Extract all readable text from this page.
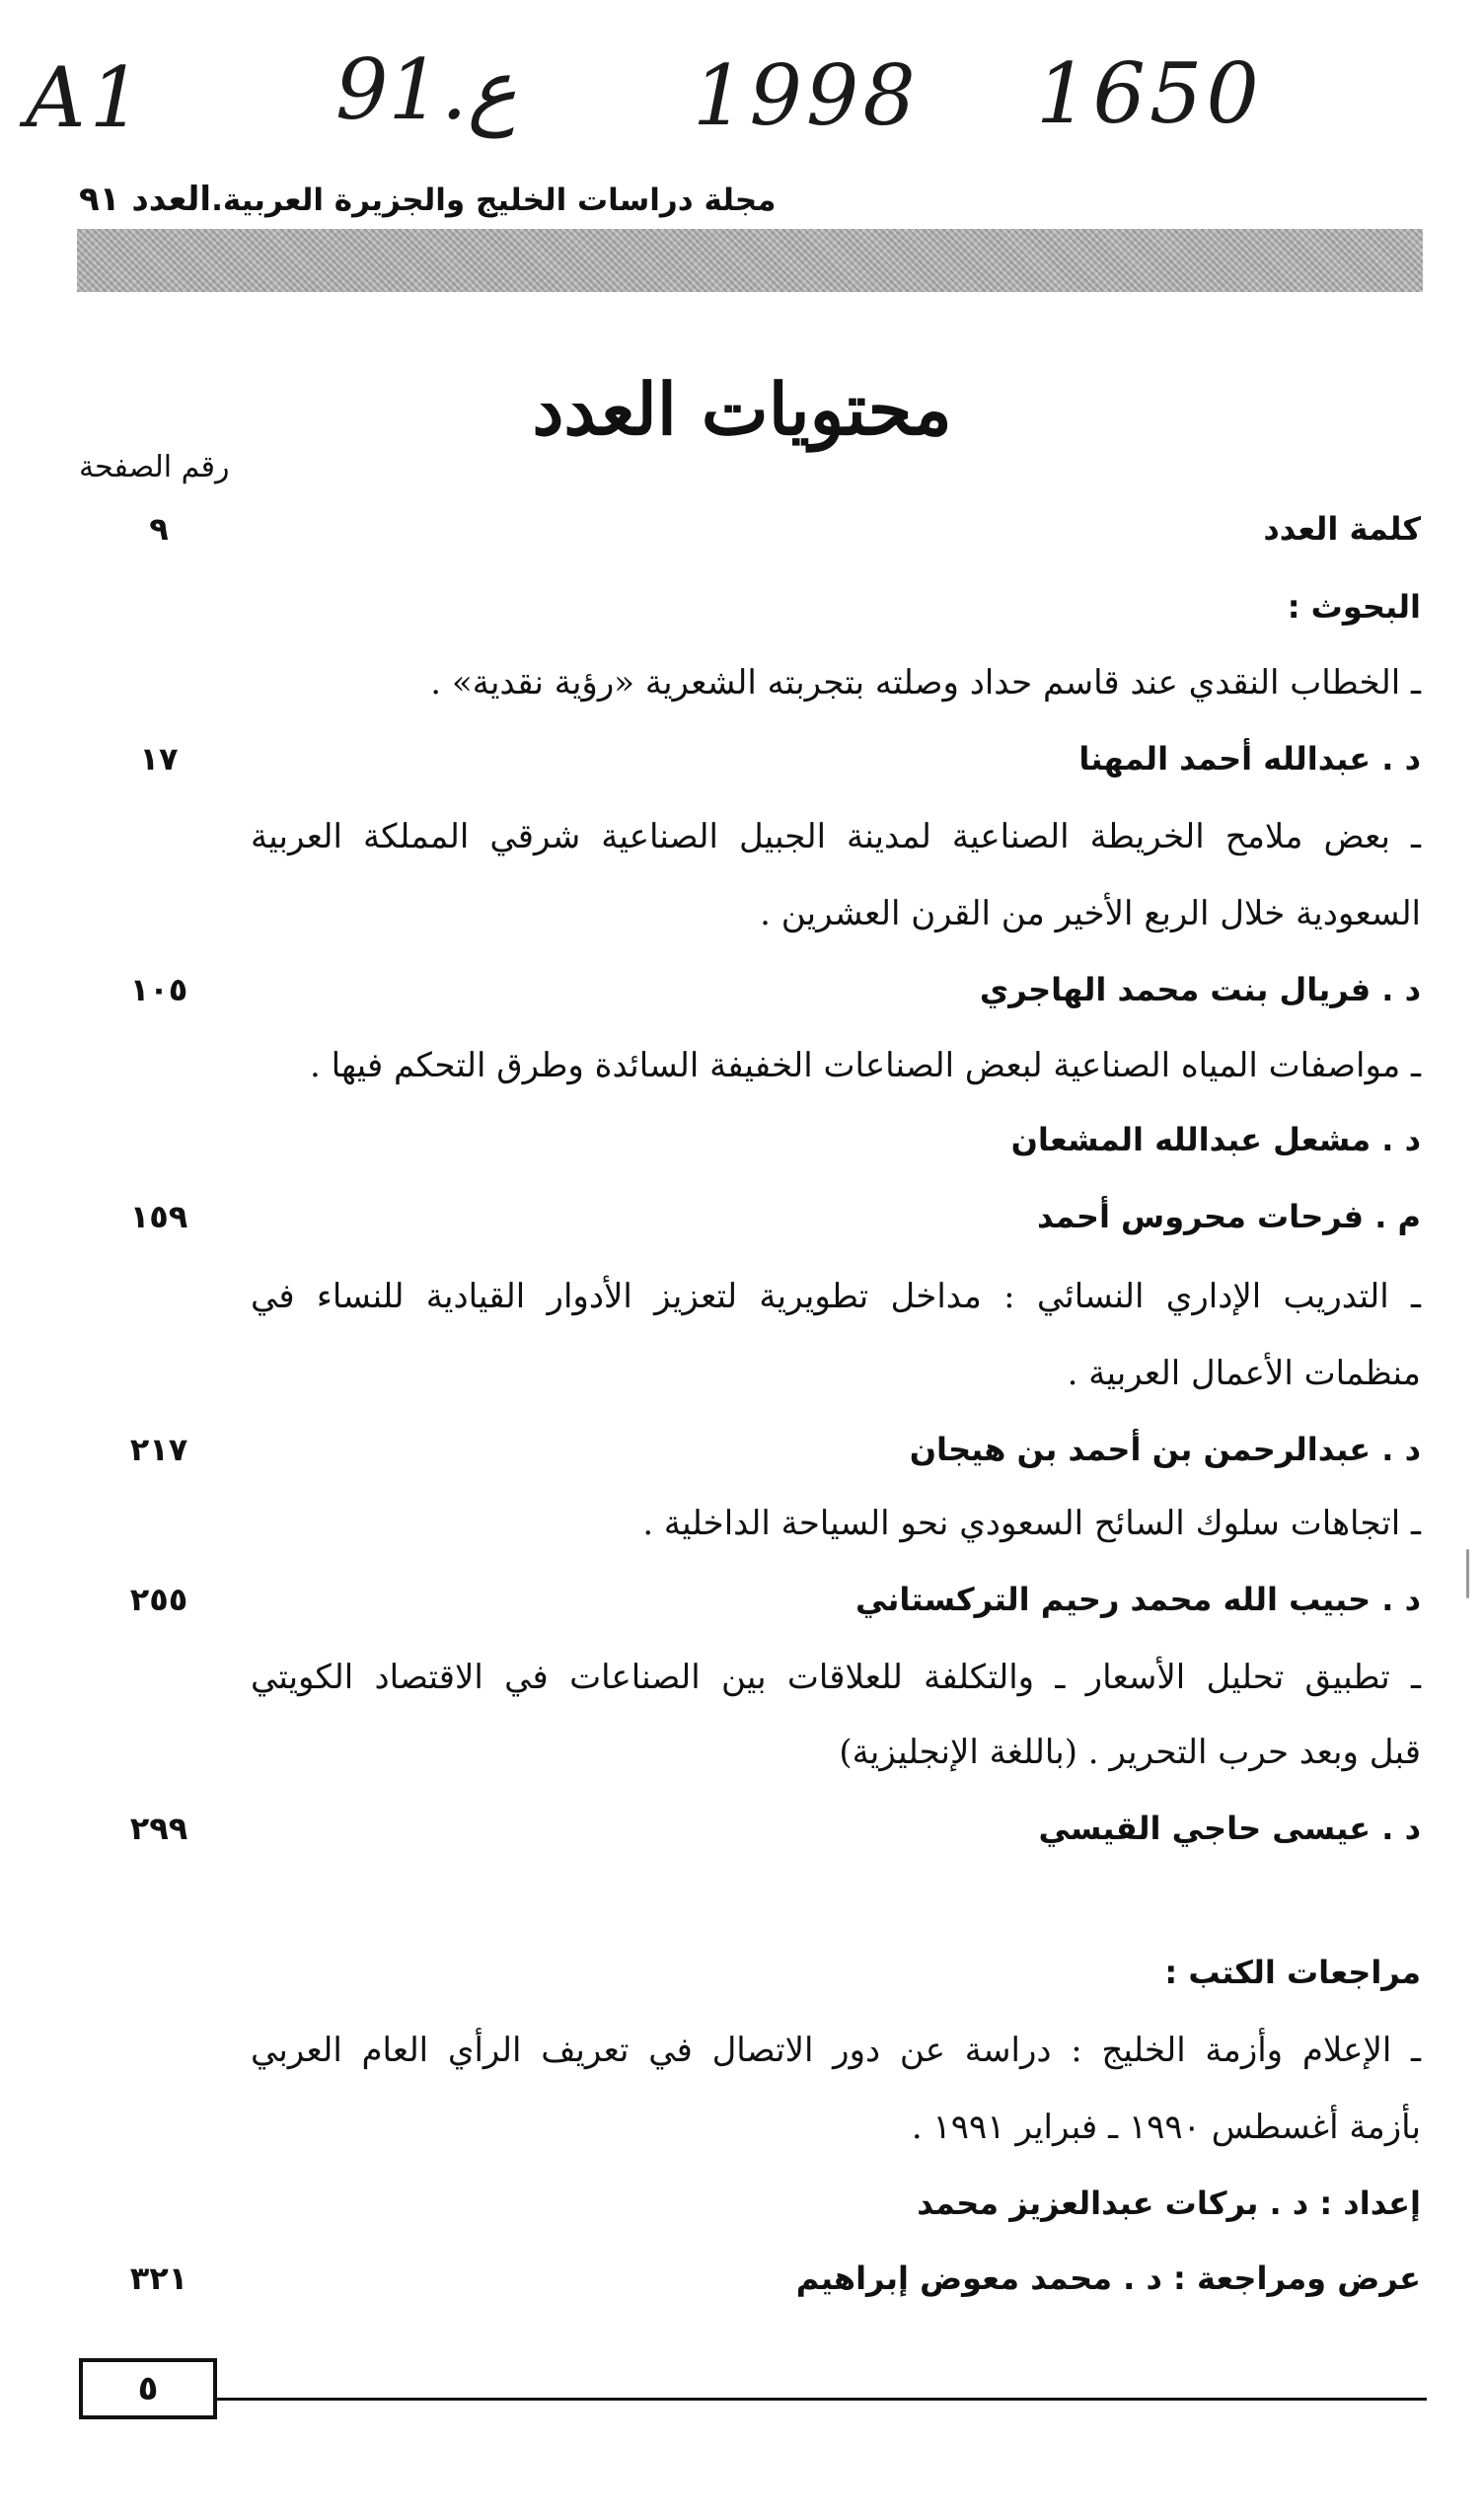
A1 91.ع 1998 1650
مجلة دراسات الخليج والجزيرة العربية.العدد ٩١
محتويات العدد
رقم الصفحة
كلمة العدد
٩
البحوث :
ـ الخطاب النقدي عند قاسم حداد وصلته بتجربته الشعرية «رؤية نقدية» .
د . عبدالله أحمد المهنا
١٧
ـ بعض ملامح الخريطة الصناعية لمدينة الجبيل الصناعية شرقي المملكة العربية
السعودية خلال الربع الأخير من القرن العشرين .
د . فريال بنت محمد الهاجري
١٠٥
ـ مواصفات المياه الصناعية لبعض الصناعات الخفيفة السائدة وطرق التحكم فيها .
د . مشعل عبدالله المشعان
م . فرحات محروس أحمد
١٥٩
ـ التدريب الإداري النسائي : مداخل تطويرية لتعزيز الأدوار القيادية للنساء في
منظمات الأعمال العربية .
د . عبدالرحمن بن أحمد بن هيجان
٢١٧
ـ اتجاهات سلوك السائح السعودي نحو السياحة الداخلية .
د . حبيب الله محمد رحيم التركستاني
٢٥٥
ـ تطبيق تحليل الأسعار ـ والتكلفة للعلاقات بين الصناعات في الاقتصاد الكويتي
قبل وبعد حرب التحرير . (باللغة الإنجليزية)
د . عيسى حاجي القيسي
٢٩٩
مراجعات الكتب :
ـ الإعلام وأزمة الخليج : دراسة عن دور الاتصال في تعريف الرأي العام العربي
بأزمة أغسطس ١٩٩٠ ـ فبراير ١٩٩١ .
إعداد : د . بركات عبدالعزيز محمد
عرض ومراجعة : د . محمد معوض إبراهيم
٣٢١
٥
